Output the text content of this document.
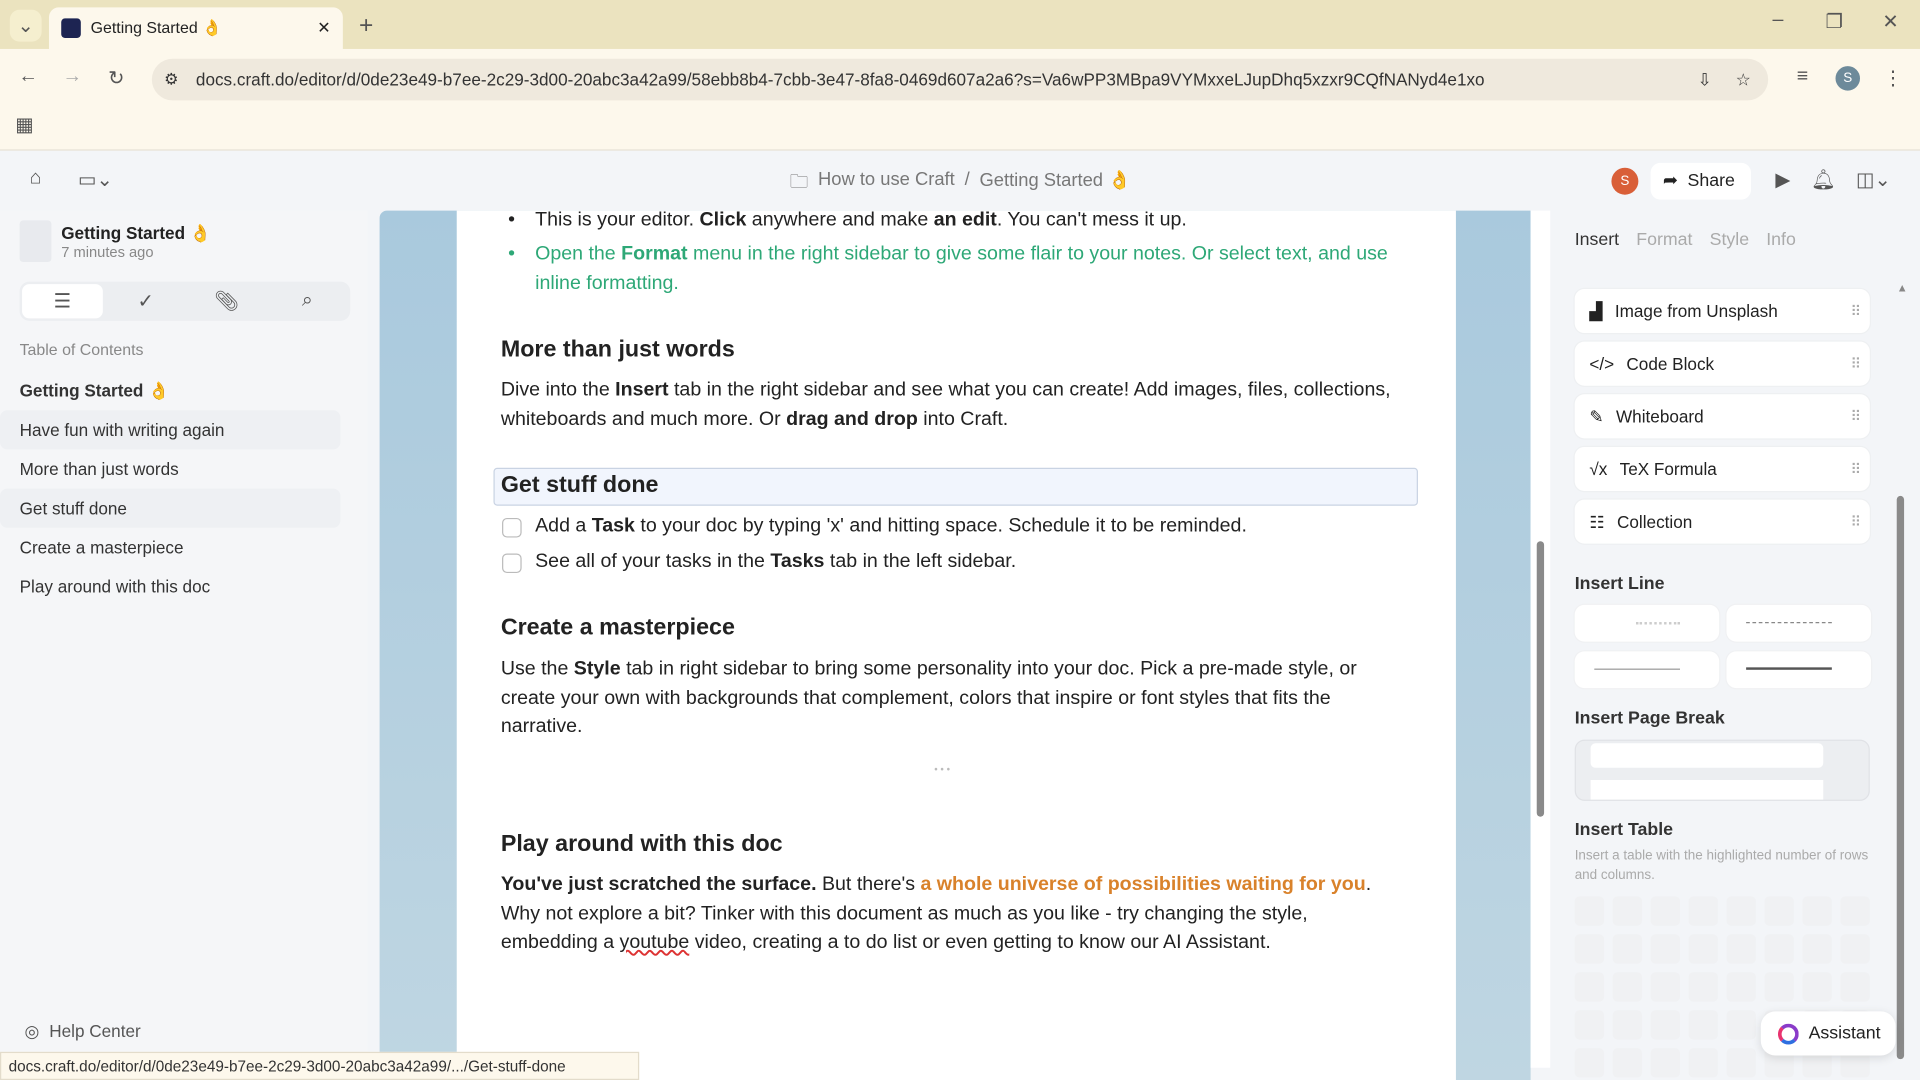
⌄	Getting Started 👌	✕	+	–	❐	✕
← →	↻	⚙ docs.craft.do/editor/d/0de23e49-b7ee-2c29-3d00-20abc3a42a99/58ebb8b4-7cbb-3e47-8fa8-0469d607a2a6?s=Va6wPP3MBpa9VYMxxeLJupDhq5xzxr9CQfNANyd4e1xo	⇩ ☆	≡	S	⋮
▦
⌂	▭⌄	🗀 How to use Craft / Getting Started 👌	S	➦ Share	▶ 🔔︎	◫⌄
Getting Started 👌
7 minutes ago
☰	✓	📎︎	⌕
Table of Contents
Getting Started 👌
Have fun with writing again
More than just words
Get stuff done
Create a masterpiece
Play around with this doc
◎ Help Center
• This is your editor. Click anywhere and make an edit. You can't mess it up.
• Open the Format menu in the right sidebar to give some flair to your notes. Or select text, and use inline formatting.
More than just words
Dive into the Insert tab in the right sidebar and see what you can create! Add images, files, collections, whiteboards and much more. Or drag and drop into Craft.
Get stuff done
Add a Task to your doc by typing 'x' and hitting space. Schedule it to be reminded.
See all of your tasks in the Tasks tab in the left sidebar.
Create a masterpiece
Use the Style tab in right sidebar to bring some personality into your doc. Pick a pre-made style, or create your own with backgrounds that complement, colors that inspire or font styles that fits the narrative.
• • •
Play around with this doc
You've just scratched the surface. But there's a whole universe of possibilities waiting for you. Why not explore a bit? Tinker with this document as much as you like - try changing the style, embedding a youtube video, creating a to do list or even getting to know our AI Assistant.
Insert Format Style Info
▟ Image from Unsplash	⠿
</> Code Block	⠿
✎ Whiteboard	⠿
√x TeX Formula	⠿
☷ Collection	⠿
Insert Line
Insert Page Break
Insert Table
Insert a table with the highlighted number of rows and columns.
▲
Assistant
docs.craft.do/editor/d/0de23e49-b7ee-2c29-3d00-20abc3a42a99/.../Get-stuff-done
